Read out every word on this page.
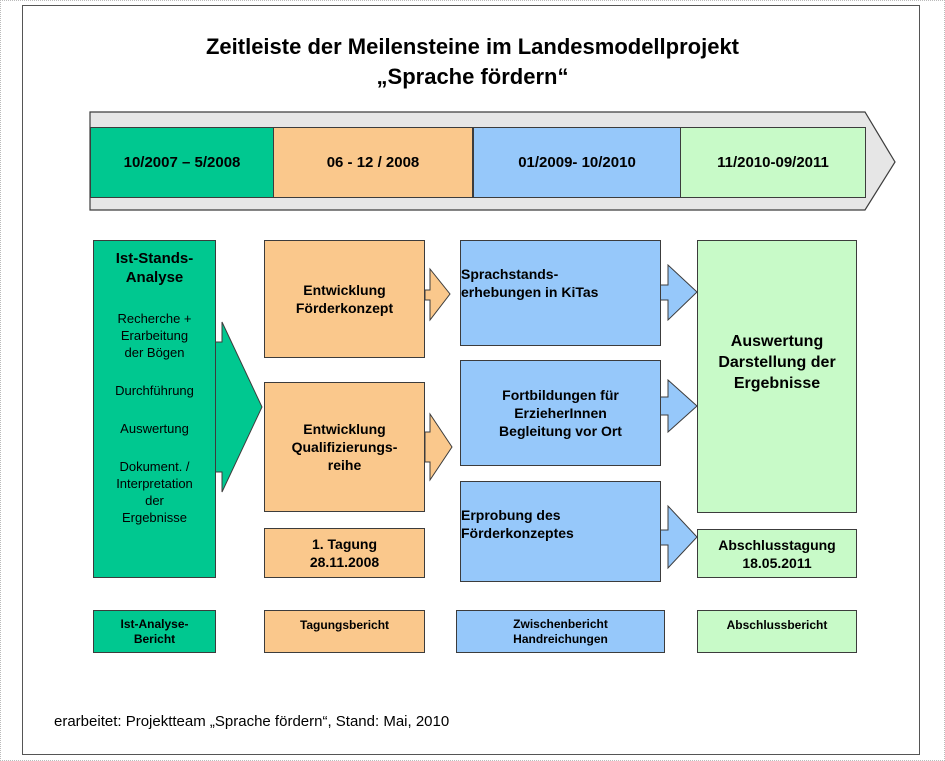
Zeitleiste der Meilensteine im Landesmodellprojekt
„Sprache fördern“
10/2007 – 5/2008	06 - 12 / 2008	01/2009- 10/2010	11/2010-09/2011
Ist-Stands-
Analyse
Recherche +
Erarbeitung
der Bögen
Durchführung
Auswertung
Dokument. /
Interpretation
der
Ergebnisse
Entwicklung
Förderkonzept
Entwicklung
Qualifizierungs-
reihe
1. Tagung
28.11.2008
Sprachstands-
erhebungen in KiTas
Fortbildungen für
ErzieherInnen
Begleitung vor Ort
Erprobung des
Förderkonzeptes
Auswertung
Darstellung der
Ergebnisse
Abschlusstagung
18.05.2011
Ist-Analyse-
Bericht
Tagungsbericht	Zwischenbericht
Handreichungen
Abschlussbericht
erarbeitet: Projektteam „Sprache fördern“, Stand: Mai, 2010
